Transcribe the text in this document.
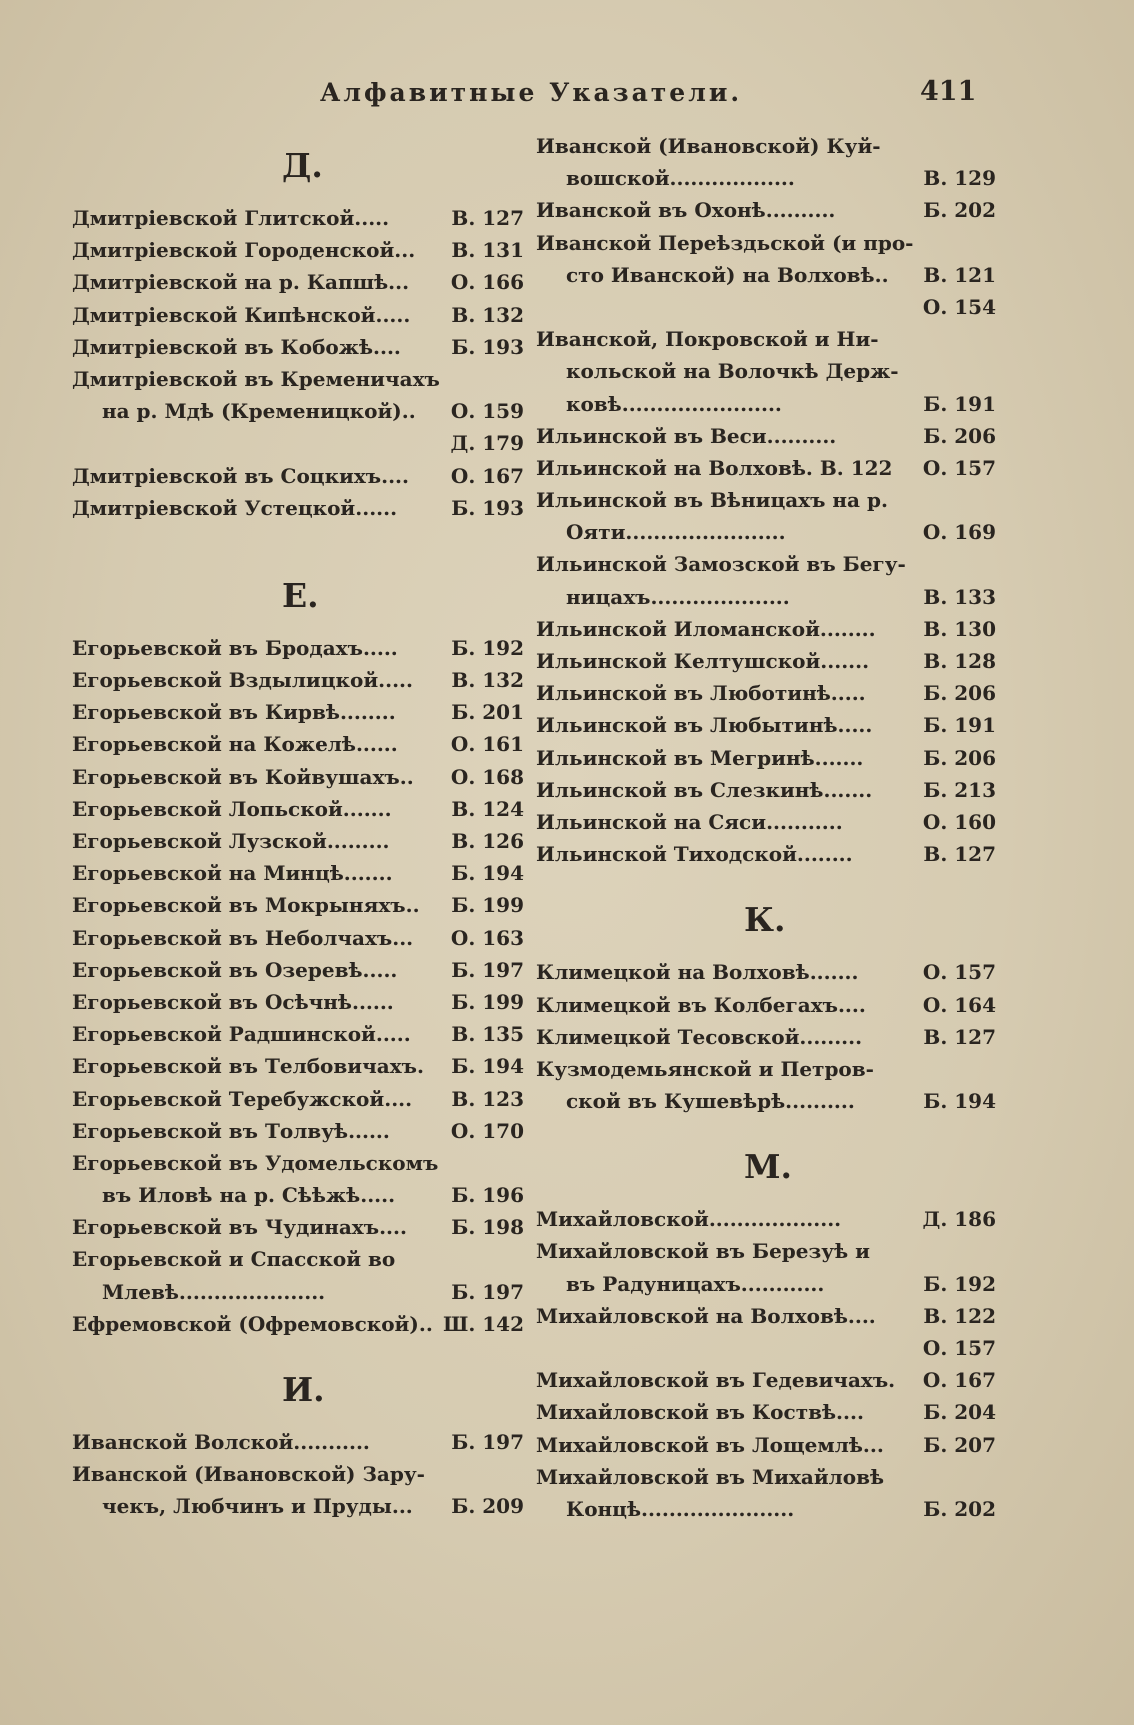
Алфавитные Указатели.	411
Д.
Дмитріевской Глитской.....	В. 127
Дмитріевской Городенской... В. 131
Дмитріевской на р. Капшѣ... О. 166
Дмитріевской Кипѣнской..... В. 132
Дмитріевской въ Кобожѣ....	Б. 193
Дмитріевской въ Кременичахъ
на р. Мдѣ (Кременицкой).. О. 159
Д. 179
Дмитріевской въ Соцкихъ.... О. 167
Дмитріевской Устецкой......	Б. 193
Е.
Егорьевской въ Бродахъ.....	Б. 192
Егорьевской Вздылицкой..... В. 132
Егорьевской въ Кирвѣ........	Б. 201
Егорьевской на Кожелѣ......	О. 161
Егорьевской въ Койвушахъ.. О. 168
Егорьевской Лопьской.......	В. 124
Егорьевской Лузской.........	В. 126
Егорьевской на Минцѣ.......	Б. 194
Егорьевской въ Мокрыняхъ.. Б. 199
Егорьевской въ Неболчахъ... О. 163
Егорьевской въ Озеревѣ.....	Б. 197
Егорьевской въ Осѣчнѣ......	Б. 199
Егорьевской Радшинской..... В. 135
Егорьевской въ Телбовичахъ. Б. 194
Егорьевской Теребужской.... В. 123
Егорьевской въ Толвуѣ......	О. 170
Егорьевской въ Удомельскомъ
въ Иловѣ на р. Сѣѣжѣ.....	Б. 196
Егорьевской въ Чудинахъ.... Б. 198
Егорьевской и Спасской во
Млевѣ.....................	Б. 197
Ефремовской (Офремовской).. Ш. 142
И.
Иванской Волской...........	Б. 197
Иванской (Ивановской) Зару-
чекъ, Любчинъ и Пруды... Б. 209
Иванской (Ивановской) Куй-
вошской..................	В. 129
Иванской въ Охонѣ..........	Б. 202
Иванской Переѣздьской (и про-
сто Иванской) на Волховѣ.. В. 121
О. 154
Иванской, Покровской и Ни-
кольской на Волочкѣ Держ-
ковѣ.......................	Б. 191
Ильинской въ Веси..........	Б. 206
Ильинской на Волховѣ. В. 122 О. 157
Ильинской въ Вѣницахъ на р.
Ояти.......................	О. 169
Ильинской Замозской въ Бегу-
ницахъ....................	В. 133
Ильинской Иломанской........ В. 130
Ильинской Келтушской.......	В. 128
Ильинской въ Люботинѣ.....	Б. 206
Ильинской въ Любытинѣ.....	Б. 191
Ильинской въ Мегринѣ.......	Б. 206
Ильинской въ Слезкинѣ.......	Б. 213
Ильинской на Сяси...........	О. 160
Ильинской Тиходской........	В. 127
К.
Климецкой на Волховѣ.......	О. 157
Климецкой въ Колбегахъ....	О. 164
Климецкой Тесовской.........	В. 127
Кузмодемьянской и Петров-
ской въ Кушевѣрѣ..........	Б. 194
М.
Михайловской...................	Д. 186
Михайловской въ Березуѣ и
въ Радуницахъ............	Б. 192
Михайловской на Волховѣ.... В. 122
О. 157
Михайловской въ Гедевичахъ. О. 167
Михайловской въ Коствѣ....	Б. 204
Михайловской въ Лощемлѣ... Б. 207
Михайловской въ Михайловѣ
Концѣ......................	Б. 202
